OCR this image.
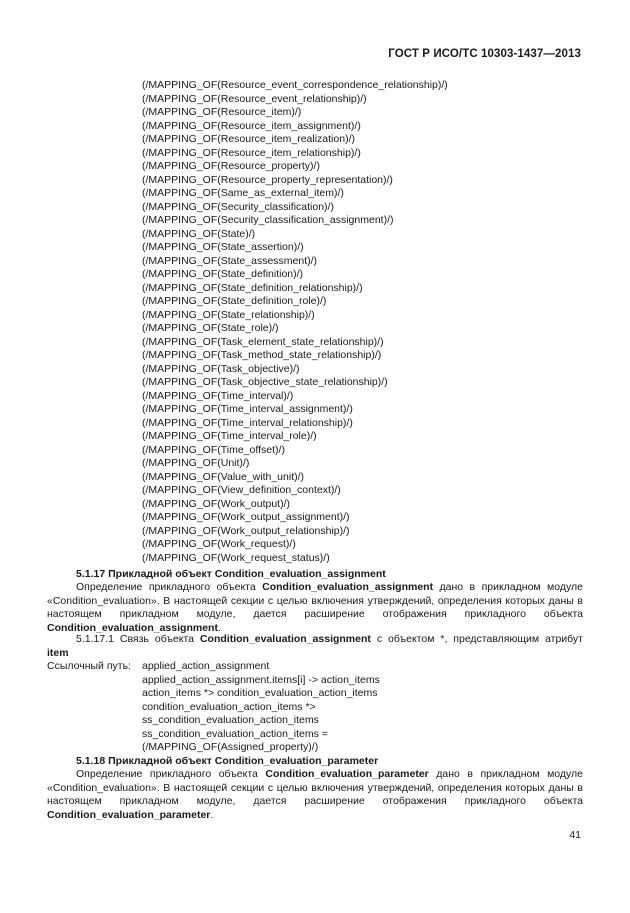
ГОСТ Р ИСО/ТС 10303-1437—2013
(/MAPPING_OF(Resource_event_correspondence_relationship)/)
(/MAPPING_OF(Resource_event_relationship)/)
(/MAPPING_OF(Resource_item)/)
(/MAPPING_OF(Resource_item_assignment)/)
(/MAPPING_OF(Resource_item_realization)/)
(/MAPPING_OF(Resource_item_relationship)/)
(/MAPPING_OF(Resource_property)/)
(/MAPPING_OF(Resource_property_representation)/)
(/MAPPING_OF(Same_as_external_item)/)
(/MAPPING_OF(Security_classification)/)
(/MAPPING_OF(Security_classification_assignment)/)
(/MAPPING_OF(State)/)
(/MAPPING_OF(State_assertion)/)
(/MAPPING_OF(State_assessment)/)
(/MAPPING_OF(State_definition)/)
(/MAPPING_OF(State_definition_relationship)/)
(/MAPPING_OF(State_definition_role)/)
(/MAPPING_OF(State_relationship)/)
(/MAPPING_OF(State_role)/)
(/MAPPING_OF(Task_element_state_relationship)/)
(/MAPPING_OF(Task_method_state_relationship)/)
(/MAPPING_OF(Task_objective)/)
(/MAPPING_OF(Task_objective_state_relationship)/)
(/MAPPING_OF(Time_interval)/)
(/MAPPING_OF(Time_interval_assignment)/)
(/MAPPING_OF(Time_interval_relationship)/)
(/MAPPING_OF(Time_interval_role)/)
(/MAPPING_OF(Time_offset)/)
(/MAPPING_OF(Unit)/)
(/MAPPING_OF(Value_with_unit)/)
(/MAPPING_OF(View_definition_context)/)
(/MAPPING_OF(Work_output)/)
(/MAPPING_OF(Work_output_assignment)/)
(/MAPPING_OF(Work_output_relationship)/)
(/MAPPING_OF(Work_request)/)
(/MAPPING_OF(Work_request_status)/)
5.1.17 Прикладной объект Condition_evaluation_assignment
Определение прикладного объекта Condition_evaluation_assignment дано в прикладном модуле «Condition_evaluation». В настоящей секции с целью включения утверждений, определения которых даны в настоящем прикладном модуле, дается расширение отображения прикладного объекта Condition_evaluation_assignment.
5.1.17.1 Связь объекта Condition_evaluation_assignment с объектом *, представляющим атрибут item
Ссылочный путь: applied_action_assignment
applied_action_assignment.items[i] -> action_items
action_items *> condition_evaluation_action_items
condition_evaluation_action_items *>
ss_condition_evaluation_action_items
ss_condition_evaluation_action_items =
(/MAPPING_OF(Assigned_property)/)
5.1.18 Прикладной объект Condition_evaluation_parameter
Определение прикладного объекта Condition_evaluation_parameter дано в прикладном модуле «Condition_evaluation». В настоящей секции с целью включения утверждений, определения которых даны в настоящем прикладном модуле, дается расширение отображения прикладного объекта Condition_evaluation_parameter.
41
